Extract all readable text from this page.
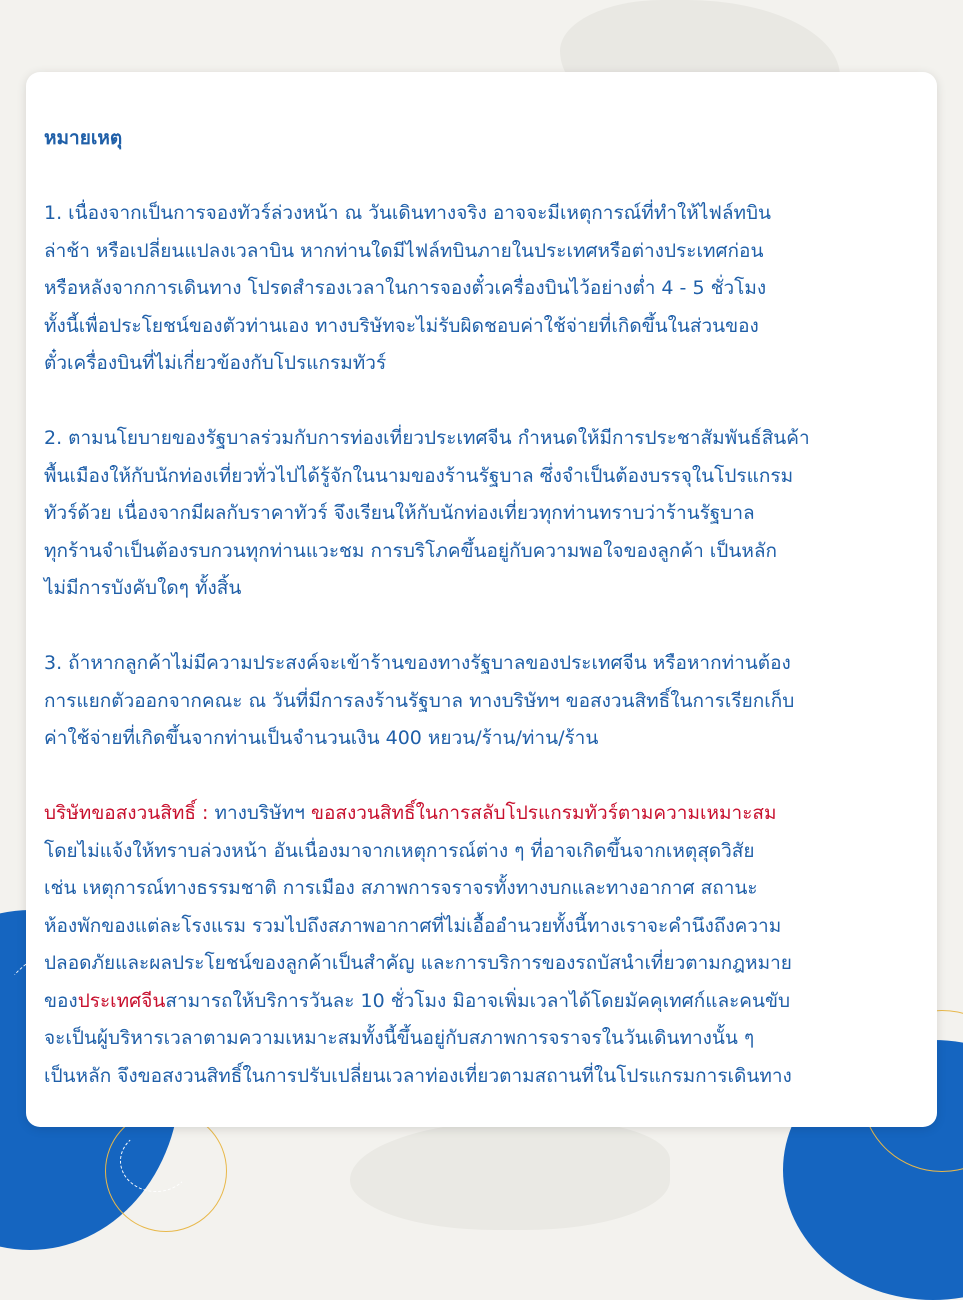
หมายเหตุ

1. เนื่องจากเป็นการจองทัวร์ล่วงหน้า ณ วันเดินทางจริง อาจจะมีเหตุการณ์ที่ทำให้ไฟล์ทบิน

ล่าช้า หรือเปลี่ยนแปลงเวลาบิน หากท่านใดมีไฟล์ทบินภายในประเทศหรือต่างประเทศก่อน

หรือหลังจากการเดินทาง โปรดสำรองเวลาในการจองตั๋วเครื่องบินไว้อย่างต่ำ 4 - 5 ชั่วโมง

ทั้งนี้เพื่อประโยชน์ของตัวท่านเอง ทางบริษัทจะไม่รับผิดชอบค่าใช้จ่ายที่เกิดขึ้นในส่วนของ

ตั๋วเครื่องบินที่ไม่เกี่ยวข้องกับโปรแกรมทัวร์

2. ตามนโยบายของรัฐบาลร่วมกับการท่องเที่ยวประเทศจีน กำหนดให้มีการประชาสัมพันธ์สินค้า

พื้นเมืองให้กับนักท่องเที่ยวทั่วไปได้รู้จักในนามของร้านรัฐบาล ซึ่งจำเป็นต้องบรรจุในโปรแกรม

ทัวร์ด้วย เนื่องจากมีผลกับราคาทัวร์ จึงเรียนให้กับนักท่องเที่ยวทุกท่านทราบว่าร้านรัฐบาล

ทุกร้านจำเป็นต้องรบกวนทุกท่านแวะชม การบริโภคขึ้นอยู่กับความพอใจของลูกค้า เป็นหลัก

ไม่มีการบังคับใดๆ ทั้งสิ้น

3. ถ้าหากลูกค้าไม่มีความประสงค์จะเข้าร้านของทางรัฐบาลของประเทศจีน หรือหากท่านต้อง

การแยกตัวออกจากคณะ ณ วันที่มีการลงร้านรัฐบาล ทางบริษัทฯ ขอสงวนสิทธิ์ในการเรียกเก็บ

ค่าใช้จ่ายที่เกิดขึ้นจากท่านเป็นจำนวนเงิน 400 หยวน/ร้าน/ท่าน/ร้าน

บริษัทขอสงวนสิทธิ์ : ทางบริษัทฯ ขอสงวนสิทธิ์ในการสลับโปรแกรมทัวร์ตามความเหมาะสม

โดยไม่แจ้งให้ทราบล่วงหน้า อันเนื่องมาจากเหตุการณ์ต่าง ๆ ที่อาจเกิดขึ้นจากเหตุสุดวิสัย

เช่น เหตุการณ์ทางธรรมชาติ การเมือง สภาพการจราจรทั้งทางบกและทางอากาศ สถานะ

ห้องพักของแต่ละโรงแรม รวมไปถึงสภาพอากาศที่ไม่เอื้ออำนวยทั้งนี้ทางเราจะคำนึงถึงความ

ปลอดภัยและผลประโยชน์ของลูกค้าเป็นสำคัญ และการบริการของรถบัสนำเที่ยวตามกฎหมาย

ของประเทศจีนสามารถให้บริการวันละ 10 ชั่วโมง มิอาจเพิ่มเวลาได้โดยมัคคุเทศก์และคนขับ

จะเป็นผู้บริหารเวลาตามความเหมาะสมทั้งนี้ขึ้นอยู่กับสภาพการจราจรในวันเดินทางนั้น ๆ

เป็นหลัก จึงขอสงวนสิทธิ์ในการปรับเปลี่ยนเวลาท่องเที่ยวตามสถานที่ในโปรแกรมการเดินทาง
